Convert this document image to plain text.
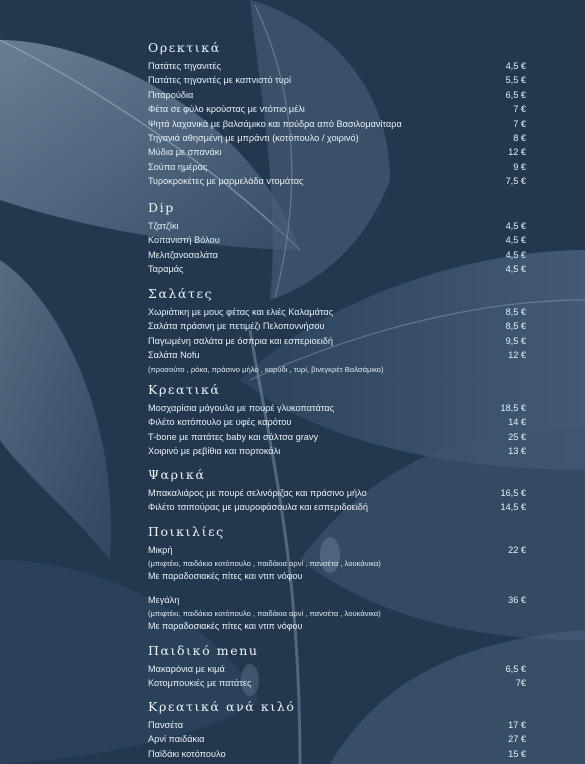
Ορεκτικά
Πατάτες τηγανιτές	4,5 €
Πατάτες τηγανιτές με καπνιστό τυρί	5,5 €
Πιταρούδια	6,5 €
Φέτα σε φύλο κρούστας με ντόπιο μέλι	7 €
Ψητά λαχανικά με βαλσάμικο και πούδρα από Βασιλομανίταρα	7 €
Τηγανιά αθησμένη με μπράντι (κοτόπουλο / χοιρινό)	8 €
Μύδια με σπανάκι	12 €
Σούπα ημέρας	9 €
Τυροκροκέτες με μαρμελάδα ντομάτας	7,5 €
Dip
Τζατζίκι	4,5 €
Κοπανιστή Βόλου	4,5 €
Μελιτζανοσαλάτα	4,5 €
Ταραμάς	4,5 €
Σαλάτες
Χωριάτικη με μους φέτας και ελιές Καλαμάτας	8,5 €
Σαλάτα πράσινη με πετιμέζι Πελοποννήσου	8,5 €
Παγωμένη σαλάτα με όσπρια και εσπεριοειδή	9,5 €
Σαλάτα Nofu	12 €
(προσούτο , ρόκα, πράσινο μήλο , καρύδι , τυρί, βινεγκρέτ Βαλσάμικο)
Κρεατικά
Μοσχαρίσια μάγουλα με πουρέ γλυκοπατάτας	18,5 €
Φιλέτο κοτόπουλο με υφές καρότου	14 €
T-bone με πατάτες baby και σάλτσα gravy	25 €
Χοιρινό με ρεβίθια και πορτοκάλι	13 €
Ψαρικά
Μπακαλιάρος με πουρέ σελινόριζας και πράσινο μήλο	16,5 €
Φιλέτο τσιπούρας με μαυροφάσουλα και εσπεριδοειδή	14,5 €
Ποικιλίες
Μικρή	22 €
(μπιφτέκι, παιδάκια κοτόπουλο , παιδάκια αρνί , πανσέτα , λουκάνικα)
Με παραδοσιακές πίτες και ντιπ νόφου
Μεγάλη	36 €
(μπιφτέκι, παιδάκια κοτόπουλο , παιδάκια αρνί , πανσέτα , λουκάνικα)
Με παραδοσιακές πίτες και ντιπ νόφου
Παιδικό menu
Μακαρόνια με κιμά	6,5 €
Κοτομπουκιές με πατάτες	7€
Κρεατικά ανά κιλό
Πανσέτα	17 €
Αρνί παιδάκια	27 €
Παϊδάκι κοτόπουλο	15 €
